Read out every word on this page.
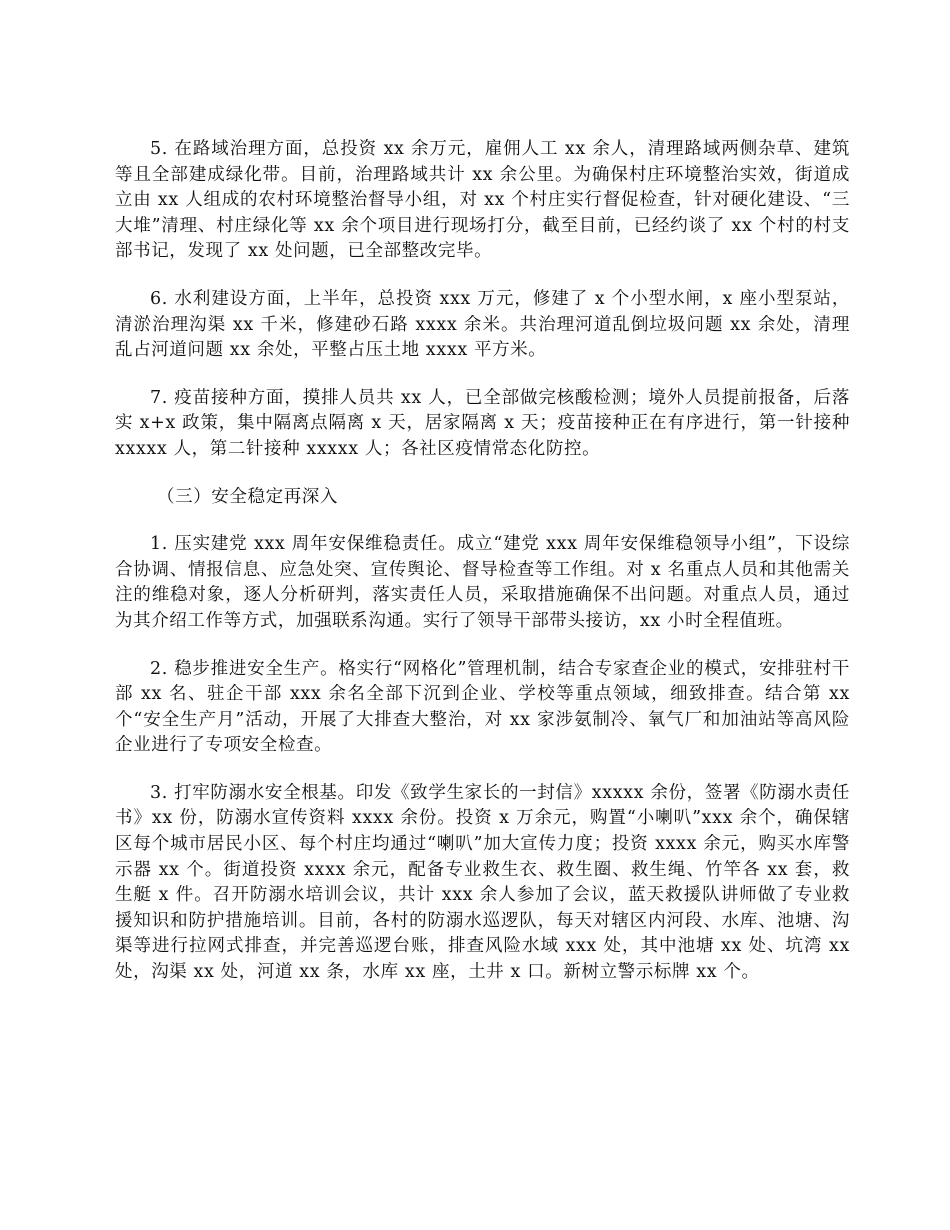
5. 在路域治理方面，总投资 xx 余万元，雇佣人工 xx 余人，清理路域两侧杂草、建筑等且全部建成绿化带。目前，治理路域共计 xx 余公里。为确保村庄环境整治实效，街道成立由 xx 人组成的农村环境整治督导小组，对 xx 个村庄实行督促检查，针对硬化建设、“三大堆”清理、村庄绿化等 xx 余个项目进行现场打分，截至目前，已经约谈了 xx 个村的村支部书记，发现了 xx 处问题，已全部整改完毕。

6. 水利建设方面，上半年，总投资 xxx 万元，修建了 x 个小型水闸，x 座小型泵站，清淤治理沟渠 xx 千米，修建砂石路 xxxx 余米。共治理河道乱倒垃圾问题 xx 余处，清理乱占河道问题 xx 余处，平整占压土地 xxxx 平方米。

7. 疫苗接种方面，摸排人员共 xx 人，已全部做完核酸检测；境外人员提前报备，后落实 x+x 政策，集中隔离点隔离 x 天，居家隔离 x 天；疫苗接种正在有序进行，第一针接种 xxxxx 人，第二针接种 xxxxx 人；各社区疫情常态化防控。

（三）安全稳定再深入

1. 压实建党 xxx 周年安保维稳责任。成立“建党 xxx 周年安保维稳领导小组”，下设综合协调、情报信息、应急处突、宣传舆论、督导检查等工作组。对 x 名重点人员和其他需关注的维稳对象，逐人分析研判，落实责任人员，采取措施确保不出问题。对重点人员，通过为其介绍工作等方式，加强联系沟通。实行了领导干部带头接访，xx 小时全程值班。

2. 稳步推进安全生产。格实行“网格化”管理机制，结合专家查企业的模式，安排驻村干部 xx 名、驻企干部 xxx 余名全部下沉到企业、学校等重点领域，细致排查。结合第 xx 个“安全生产月”活动，开展了大排查大整治，对 xx 家涉氨制冷、氧气厂和加油站等高风险企业进行了专项安全检查。

3. 打牢防溺水安全根基。印发《致学生家长的一封信》xxxxx 余份，签署《防溺水责任书》xx 份，防溺水宣传资料 xxxx 余份。投资 x 万余元，购置“小喇叭”xxx 余个，确保辖区每个城市居民小区、每个村庄均通过“喇叭”加大宣传力度；投资 xxxx 余元，购买水库警示器 xx 个。街道投资 xxxx 余元，配备专业救生衣、救生圈、救生绳、竹竿各 xx 套，救生艇 x 件。召开防溺水培训会议，共计 xxx 余人参加了会议，蓝天救援队讲师做了专业救援知识和防护措施培训。目前，各村的防溺水巡逻队，每天对辖区内河段、水库、池塘、沟渠等进行拉网式排查，并完善巡逻台账，排查风险水域 xxx 处，其中池塘 xx 处、坑湾 xx 处，沟渠 xx 处，河道 xx 条，水库 xx 座，土井 x 口。新树立警示标牌 xx 个。
